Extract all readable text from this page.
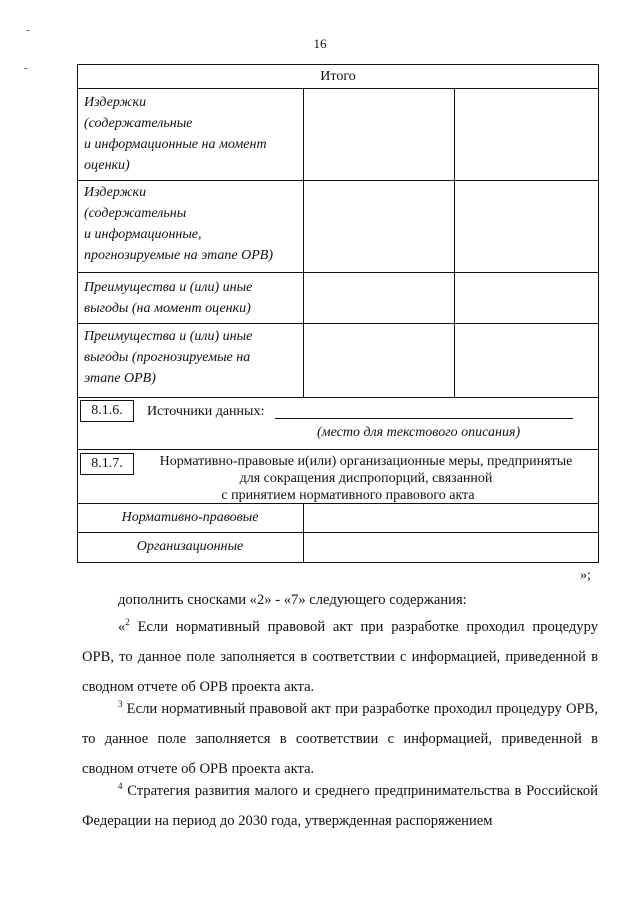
16
-
-
Итого
Издержки
(содержательные
и информационные на момент
оценки)
Издержки
(содержательны
и информационные,
прогнозируемые на этапе ОРВ)
Преимущества и (или) иные
выгоды (на момент оценки)
Преимущества и (или) иные
выгоды (прогнозируемые на
этапе ОРВ)
8.1.6.	Источники данных:
(место для текстового описания)
8.1.7.	Нормативно-правовые и(или) организационные меры, предпринятые
для сокращения диспропорций, связанной
с принятием нормативного правового акта
Нормативно-правовые
Организационные
»;
дополнить сносками «2» - «7» следующего содержания:
«$^2$ Если нормативный правовой акт при разработке проходил процедуру ОРВ, то данное поле заполняется в соответствии с информацией, приведенной в сводном отчете об ОРВ проекта акта.
$^3$ Если нормативный правовой акт при разработке проходил процедуру ОРВ, то данное поле заполняется в соответствии с информацией, приведенной в сводном отчете об ОРВ проекта акта.
$^4$ Стратегия развития малого и среднего предпринимательства в Российской Федерации на период до 2030 года, утвержденная распоряжением
